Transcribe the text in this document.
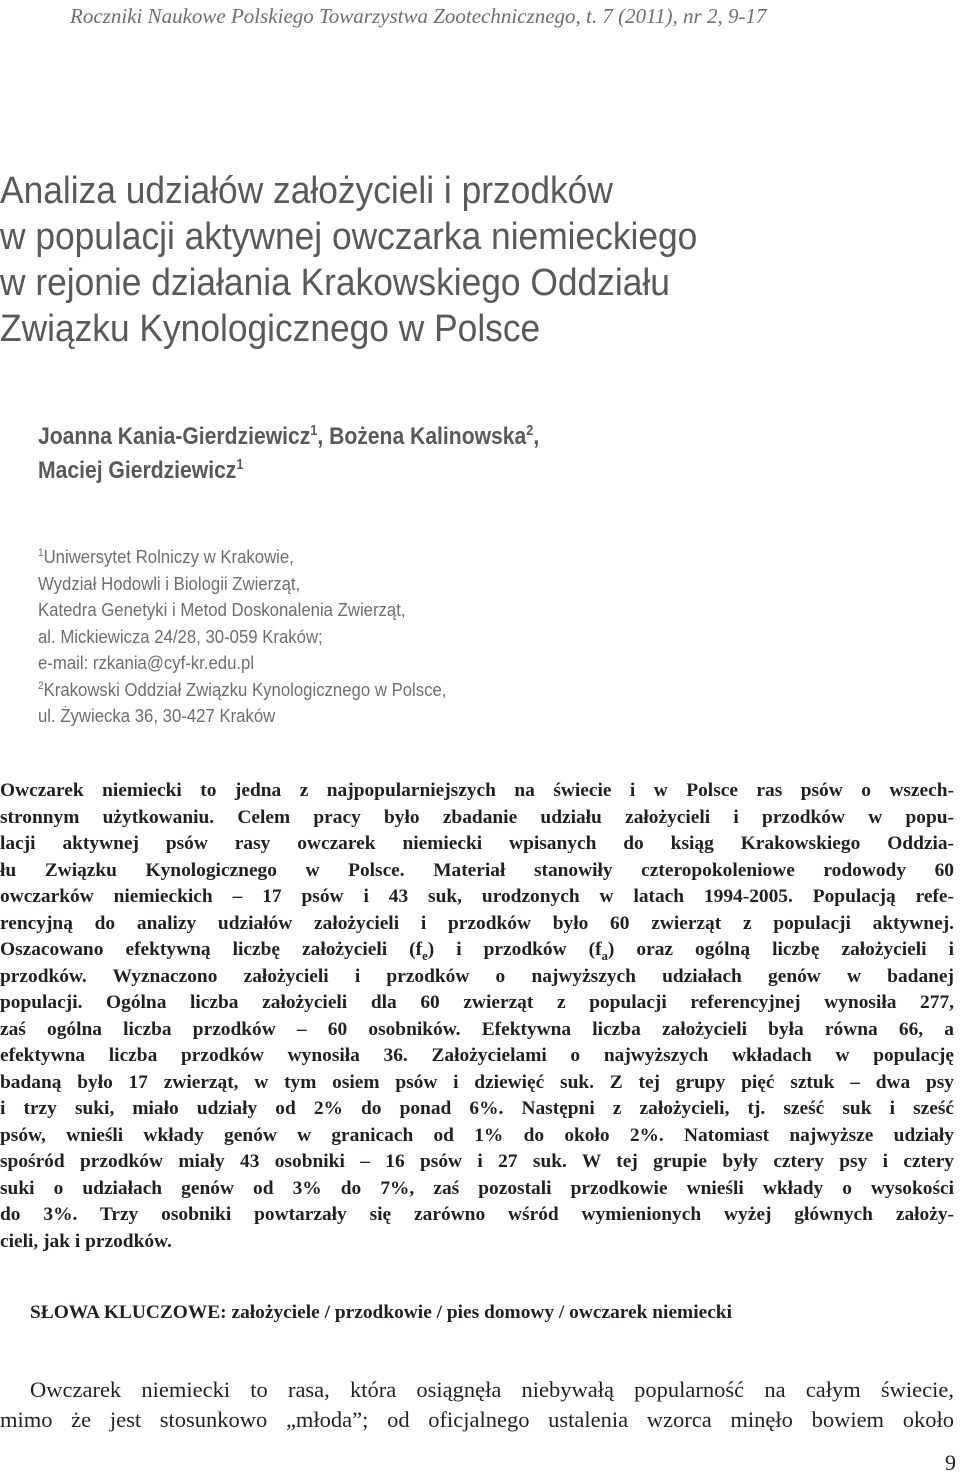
Roczniki Naukowe Polskiego Towarzystwa Zootechnicznego, t. 7 (2011), nr 2, 9-17
Analiza udziałów założycieli i przodków
w populacji aktywnej owczarka niemieckiego
w rejonie działania Krakowskiego Oddziału
Związku Kynologicznego w Polsce
Joanna Kania-Gierdziewicz$^1$, Bożena Kalinowska$^2$,
Maciej Gierdziewicz$^1$
$^1$Uniwersytet Rolniczy w Krakowie,
Wydział Hodowli i Biologii Zwierząt,
Katedra Genetyki i Metod Doskonalenia Zwierząt,
al. Mickiewicza 24/28, 30-059 Kraków;
e-mail: rzkania@cyf-kr.edu.pl
$^2$Krakowski Oddział Związku Kynologicznego w Polsce,
ul. Żywiecka 36, 30-427 Kraków
Owczarek niemiecki to jedna z najpopularniejszych na świecie i w Polsce ras psów o wszech-
stronnym użytkowaniu. Celem pracy było zbadanie udziału założycieli i przodków w popu-
lacji aktywnej psów rasy owczarek niemiecki wpisanych do ksiąg Krakowskiego Oddzia-
łu Związku Kynologicznego w Polsce. Materiał stanowiły czteropokoleniowe rodowody 60
owczarków niemieckich – 17 psów i 43 suk, urodzonych w latach 1994-2005. Populacją refe-
rencyjną do analizy udziałów założycieli i przodków było 60 zwierząt z populacji aktywnej.
Oszacowano efektywną liczbę założycieli $(f_e)$ i przodków $(f_a)$ oraz ogólną liczbę założycieli i
przodków. Wyznaczono założycieli i przodków o najwyższych udziałach genów w badanej
populacji. Ogólna liczba założycieli dla 60 zwierząt z populacji referencyjnej wynosiła 277,
zaś ogólna liczba przodków – 60 osobników. Efektywna liczba założycieli była równa 66, a
efektywna liczba przodków wynosiła 36. Założycielami o najwyższych wkładach w populację
badaną było 17 zwierząt, w tym osiem psów i dziewięć suk. Z tej grupy pięć sztuk – dwa psy
i trzy suki, miało udziały od 2% do ponad 6%. Następni z założycieli, tj. sześć suk i sześć
psów, wnieśli wkłady genów w granicach od 1% do około 2%. Natomiast najwyższe udziały
spośród przodków miały 43 osobniki – 16 psów i 27 suk. W tej grupie były cztery psy i cztery
suki o udziałach genów od 3% do 7%, zaś pozostali przodkowie wnieśli wkłady o wysokości
do 3%. Trzy osobniki powtarzały się zarówno wśród wymienionych wyżej głównych założy-
cieli, jak i przodków.
SŁOWA KLUCZOWE: założyciele / przodkowie / pies domowy / owczarek niemiecki
Owczarek niemiecki to rasa, która osiągnęła niebywałą popularność na całym świecie,
mimo że jest stosunkowo „młoda”; od oficjalnego ustalenia wzorca minęło bowiem około
9
